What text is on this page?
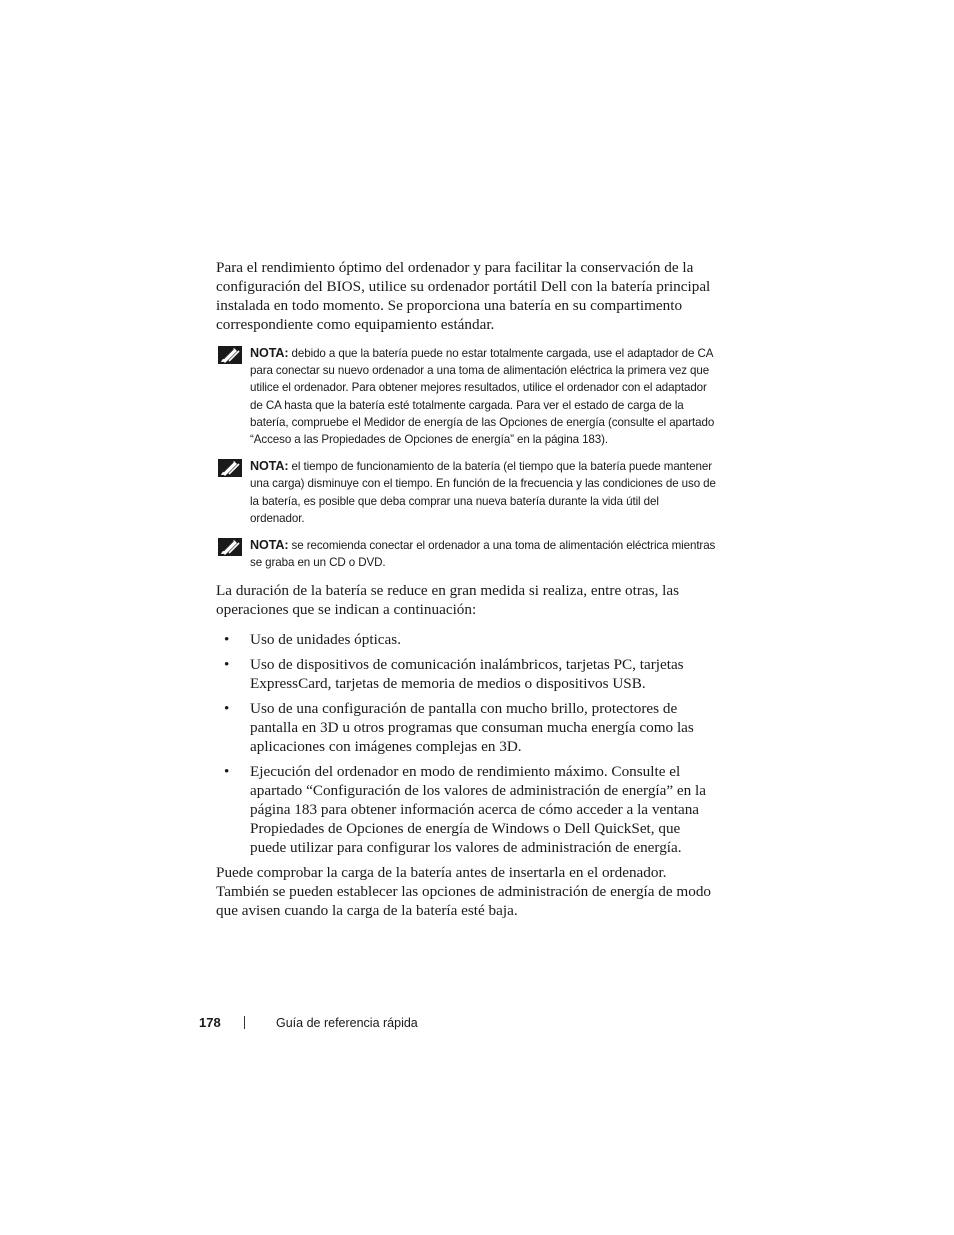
Para el rendimiento óptimo del ordenador y para facilitar la conservación de la configuración del BIOS, utilice su ordenador portátil Dell con la batería principal instalada en todo momento. Se proporciona una batería en su compartimento correspondiente como equipamiento estándar.

NOTA: debido a que la batería puede no estar totalmente cargada, use el adaptador de CA para conectar su nuevo ordenador a una toma de alimentación eléctrica la primera vez que utilice el ordenador. Para obtener mejores resultados, utilice el ordenador con el adaptador de CA hasta que la batería esté totalmente cargada. Para ver el estado de carga de la batería, compruebe el Medidor de energía de las Opciones de energía (consulte el apartado “Acceso a las Propiedades de Opciones de energía” en la página 183).
NOTA: el tiempo de funcionamiento de la batería (el tiempo que la batería puede mantener una carga) disminuye con el tiempo. En función de la frecuencia y las condiciones de uso de la batería, es posible que deba comprar una nueva batería durante la vida útil del ordenador.
NOTA: se recomienda conectar el ordenador a una toma de alimentación eléctrica mientras se graba en un CD o DVD.

La duración de la batería se reduce en gran medida si realiza, entre otras, las operaciones que se indican a continuación:

• Uso de unidades ópticas.
• Uso de dispositivos de comunicación inalámbricos, tarjetas PC, tarjetas ExpressCard, tarjetas de memoria de medios o dispositivos USB.
• Uso de una configuración de pantalla con mucho brillo, protectores de pantalla en 3D u otros programas que consuman mucha energía como las aplicaciones con imágenes complejas en 3D.
• Ejecución del ordenador en modo de rendimiento máximo. Consulte el apartado “Configuración de los valores de administración de energía” en la página 183 para obtener información acerca de cómo acceder a la ventana Propiedades de Opciones de energía de Windows o Dell QuickSet, que puede utilizar para configurar los valores de administración de energía.

Puede comprobar la carga de la batería antes de insertarla en el ordenador. También se pueden establecer las opciones de administración de energía de modo que avisen cuando la carga de la batería esté baja.

178	Guía de referencia rápida
